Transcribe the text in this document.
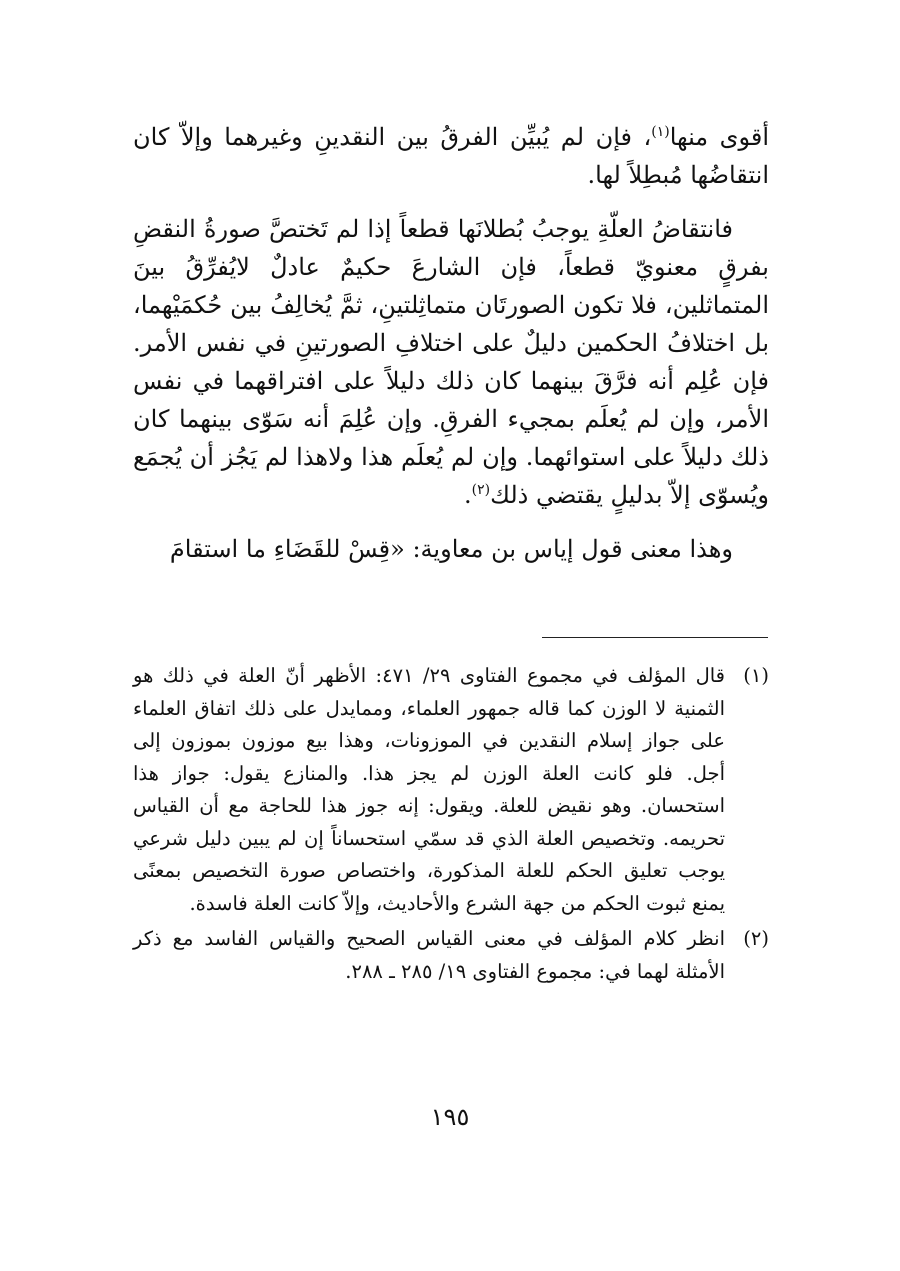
أقوى منها$^{(١)}$، فإن لم يُبيِّن الفرقُ بين النقدينِ وغيرهما وإلاّ كان انتقاضُها مُبطِلاً لها.

فانتقاضُ العلّةِ يوجبُ بُطلانَها قطعاً إذا لم تَختصَّ صورةُ النقضِ بفرقٍ معنويّ قطعاً، فإن الشارعَ حكيمٌ عادلٌ لايُفرِّقُ بينَ المتماثلين، فلا تكون الصورتَان متماثِلتينِ، ثمَّ يُخالِفُ بين حُكمَيْهما، بل اختلافُ الحكمين دليلٌ على اختلافِ الصورتينِ في نفس الأمر. فإن عُلِم أنه فرَّقَ بينهما كان ذلك دليلاً على افتراقهما في نفس الأمر، وإن لم يُعلَم بمجيء الفرقِ. وإن عُلِمَ أنه سَوّى بينهما كان ذلك دليلاً على استوائهما. وإن لم يُعلَم هذا ولاهذا لم يَجُز أن يُجمَع ويُسوّى إلاّ بدليلٍ يقتضي ذلك$^{(٢)}$.

وهذا معنى قول إياس بن معاوية: «قِسْ للقَضَاءِ ما استقامَ

(١)
قال المؤلف في مجموع الفتاوى ٢٩/ ٤٧١: الأظهر أنّ العلة في ذلك هو الثمنية لا الوزن كما قاله جمهور العلماء، وممايدل على ذلك اتفاق العلماء على جواز إسلام النقدين في الموزونات، وهذا بيع موزون بموزون إلى أجل. فلو كانت العلة الوزن لم يجز هذا. والمنازع يقول: جواز هذا استحسان. وهو نقيض للعلة. ويقول: إنه جوز هذا للحاجة مع أن القياس تحريمه. وتخصيص العلة الذي قد سمّي استحساناً إن لم يبين دليل شرعي يوجب تعليق الحكم للعلة المذكورة، واختصاص صورة التخصيص بمعنًى يمنع ثبوت الحكم من جهة الشرع والأحاديث، وإلاّ كانت العلة فاسدة.
(٢)
انظر كلام المؤلف في معنى القياس الصحيح والقياس الفاسد مع ذكر الأمثلة لهما في: مجموع الفتاوى ١٩/ ٢٨٥ ـ ٢٨٨.
١٩٥
